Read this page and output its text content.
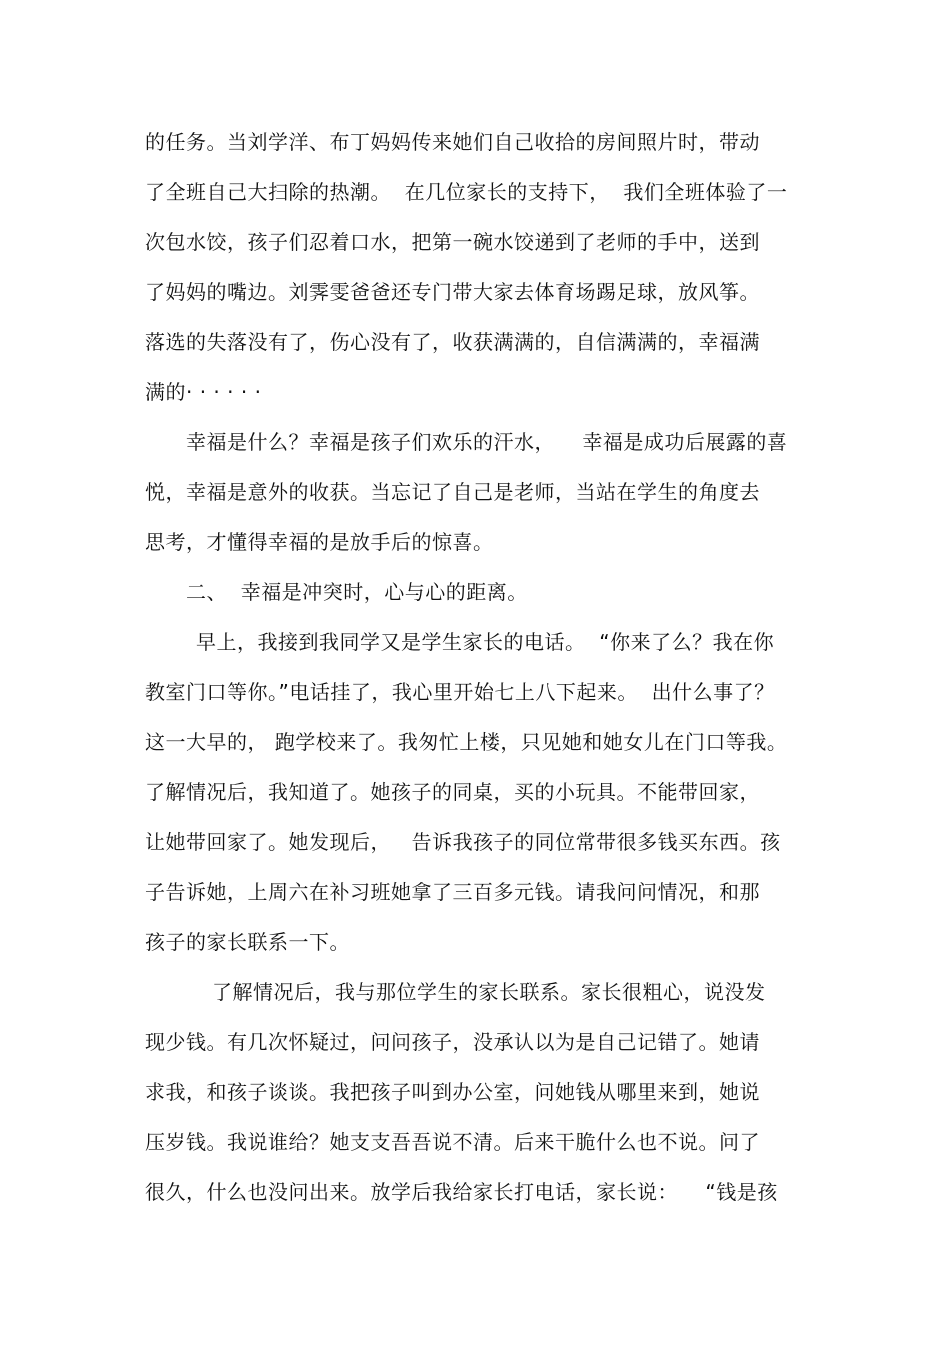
的任务。当刘学洋、布丁妈妈传来她们自己收拾的房间照片时，带动
了全班自己大扫除的热潮。  在几位家长的支持下，  我们全班体验了一
次包水饺，孩子们忍着口水，把第一碗水饺递到了老师的手中，送到
了妈妈的嘴边。刘霁雯爸爸还专门带大家去体育场踢足球，放风筝。
落选的失落没有了，伤心没有了，收获满满的，自信满满的，幸福满
满的· · · · · ·
幸福是什么？幸福是孩子们欢乐的汗水，    幸福是成功后展露的喜
悦，幸福是意外的收获。当忘记了自己是老师，当站在学生的角度去
思考，才懂得幸福的是放手后的惊喜。
二、  幸福是冲突时，心与心的距离。
早上，我接到我同学又是学生家长的电话。  “你来了么？我在你
教室门口等你。”电话挂了，我心里开始七上八下起来。  出什么事了？
这一大早的， 跑学校来了。我匆忙上楼，只见她和她女儿在门口等我。
了解情况后，我知道了。她孩子的同桌，买的小玩具。不能带回家，
让她带回家了。她发现后，   告诉我孩子的同位常带很多钱买东西。孩
子告诉她，上周六在补习班她拿了三百多元钱。请我问问情况，和那
孩子的家长联系一下。
了解情况后，我与那位学生的家长联系。家长很粗心，说没发
现少钱。有几次怀疑过，问问孩子，没承认以为是自己记错了。她请
求我，和孩子谈谈。我把孩子叫到办公室，问她钱从哪里来到，她说
压岁钱。我说谁给？她支支吾吾说不清。后来干脆什么也不说。问了
很久，什么也没问出来。放学后我给家长打电话，家长说：    “钱是孩
